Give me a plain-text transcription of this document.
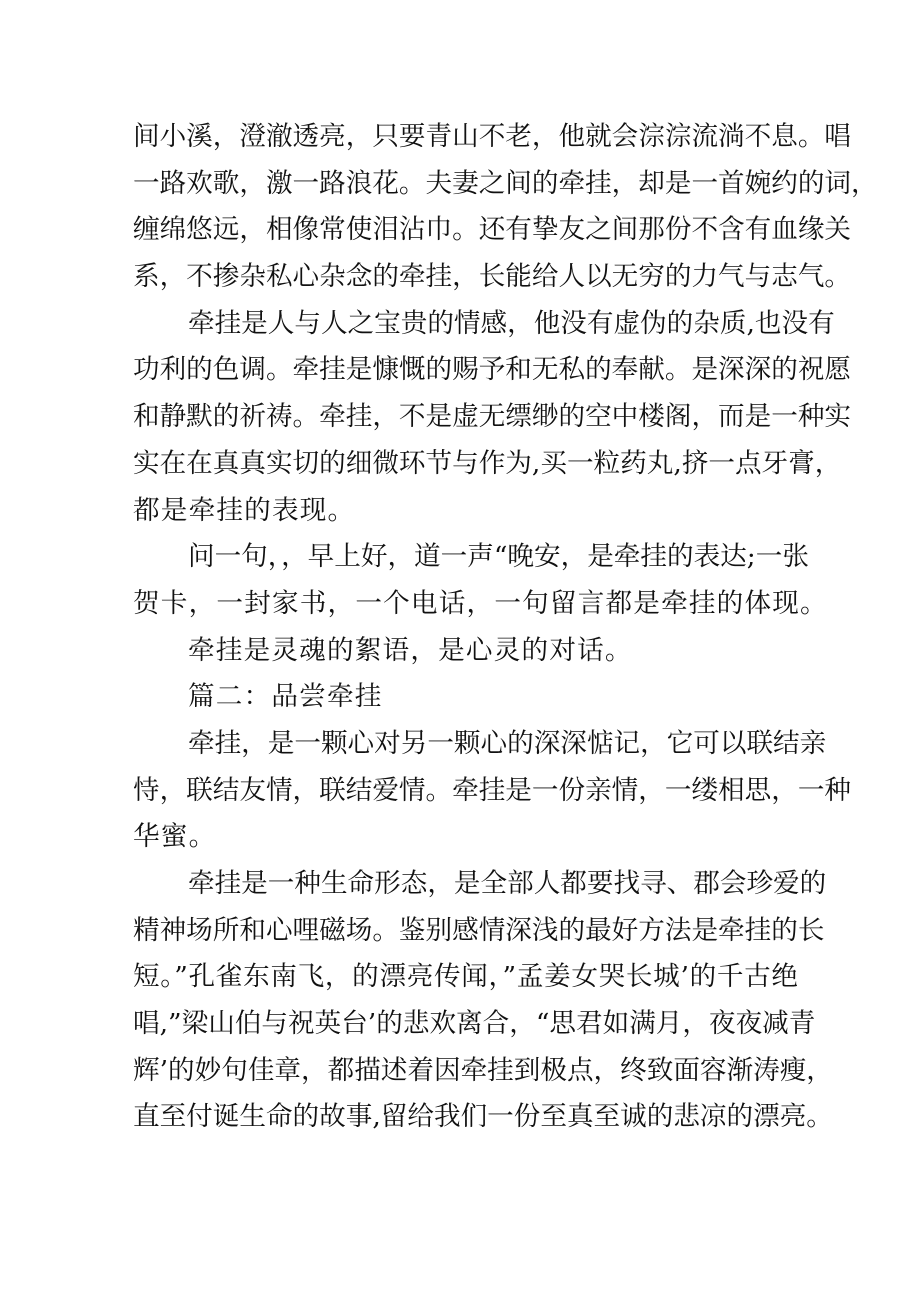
间小溪，澄澈透亮，只要青山不老，他就会淙淙流淌不息。唱
一路欢歌，激一路浪花。夫妻之间的牵挂，却是一首婉约的词，
缠绵悠远，相像常使泪沾巾。还有挚友之间那份不含有血缘关
系，不掺杂私心杂念的牵挂，长能给人以无穷的力气与志气。
牵挂是人与人之宝贵的情感，他没有虚伪的杂质,也没有
功利的色调。牵挂是慷慨的赐予和无私的奉献。是深深的祝愿
和静默的祈祷。牵挂，不是虚无缥缈的空中楼阁，而是一种实
实在在真真实切的细微环节与作为,买一粒药丸,挤一点牙膏，
都是牵挂的表现。
问一句，，早上好，道一声“晚安，是牵挂的表达;一张
贺卡，一封家书，一个电话，一句留言都是牵挂的体现。
牵挂是灵魂的絮语，是心灵的对话。
篇二：品尝牵挂
牵挂，是一颗心对另一颗心的深深惦记，它可以联结亲
恃，联结友情，联结爱情。牵挂是一份亲情，一缕相思，一种
华蜜。
牵挂是一种生命形态，是全部人都要找寻、郡会珍爱的
精神场所和心哩磁场。鉴别感情深浅的最好方法是牵挂的长
短。”孔雀东南飞，的漂亮传闻，”孟姜女哭长城’的千古绝
唱,”梁山伯与祝英台’的悲欢离合，“思君如满月，夜夜减青
辉’的妙句佳章，都描述着因牵挂到极点，终致面容渐涛瘦，
直至付诞生命的故事,留给我们一份至真至诚的悲凉的漂亮。
